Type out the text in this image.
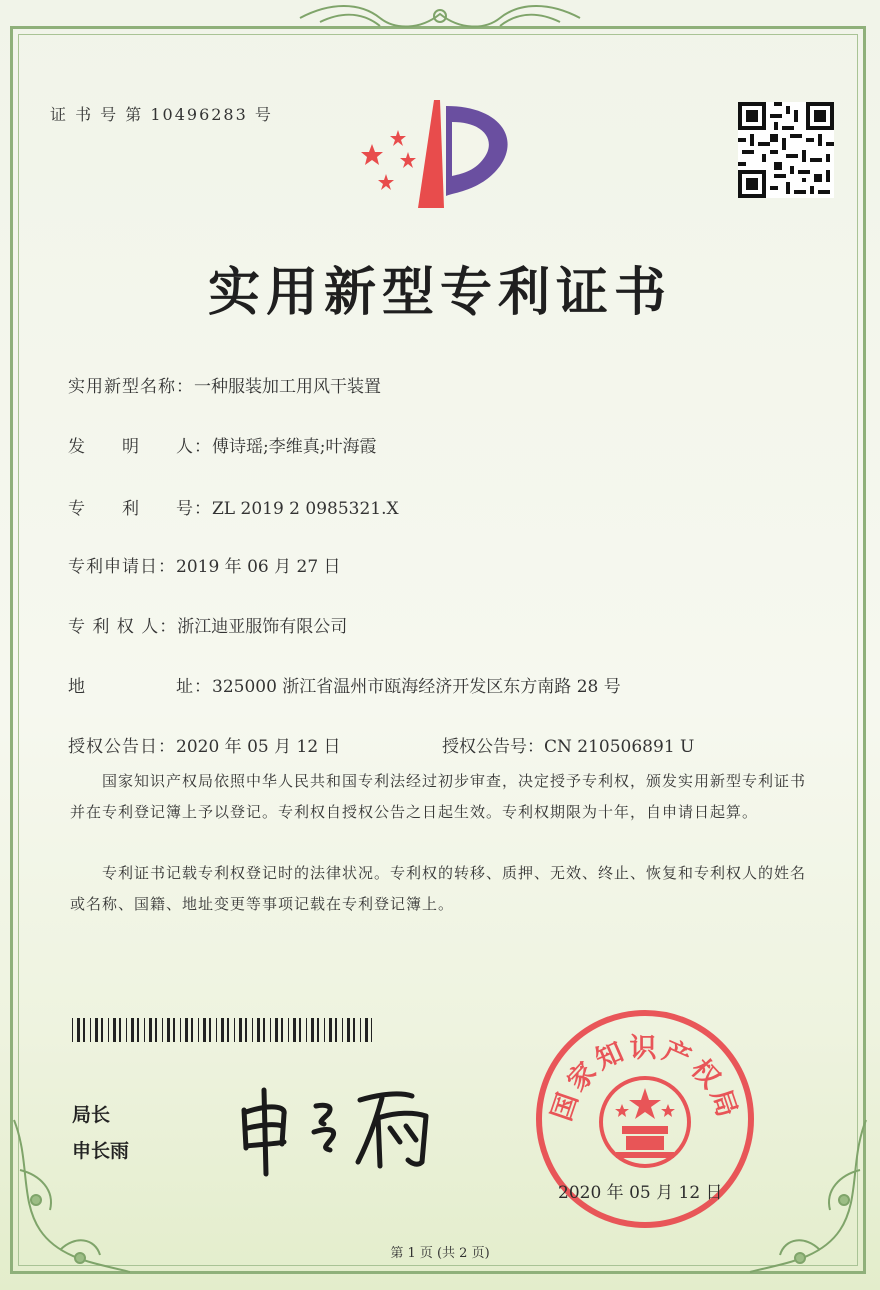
证 书 号 第 10496283 号
实用新型专利证书
实用新型名称：一种服装加工用风干装置
发　　明　　人：傅诗瑶;李维真;叶海霞
专　　利　　号：ZL 2019 2 0985321.X
专利申请日：2019 年 06 月 27 日
专 利 权 人：浙江迪亚服饰有限公司
地　　　　　址：325000 浙江省温州市瓯海经济开发区东方南路 28 号
授权公告日：2020 年 05 月 12 日	授权公告号：CN 210506891 U
国家知识产权局依照中华人民共和国专利法经过初步审查，决定授予专利权，颁发实用新型专利证书并在专利登记簿上予以登记。专利权自授权公告之日起生效。专利权期限为十年，自申请日起算。
专利证书记载专利权登记时的法律状况。专利权的转移、质押、无效、终止、恢复和专利权人的姓名或名称、国籍、地址变更等事项记载在专利登记簿上。
局长
申长雨
国家知识产权局
2020 年 05 月 12 日
第 1 页 (共 2 页)
